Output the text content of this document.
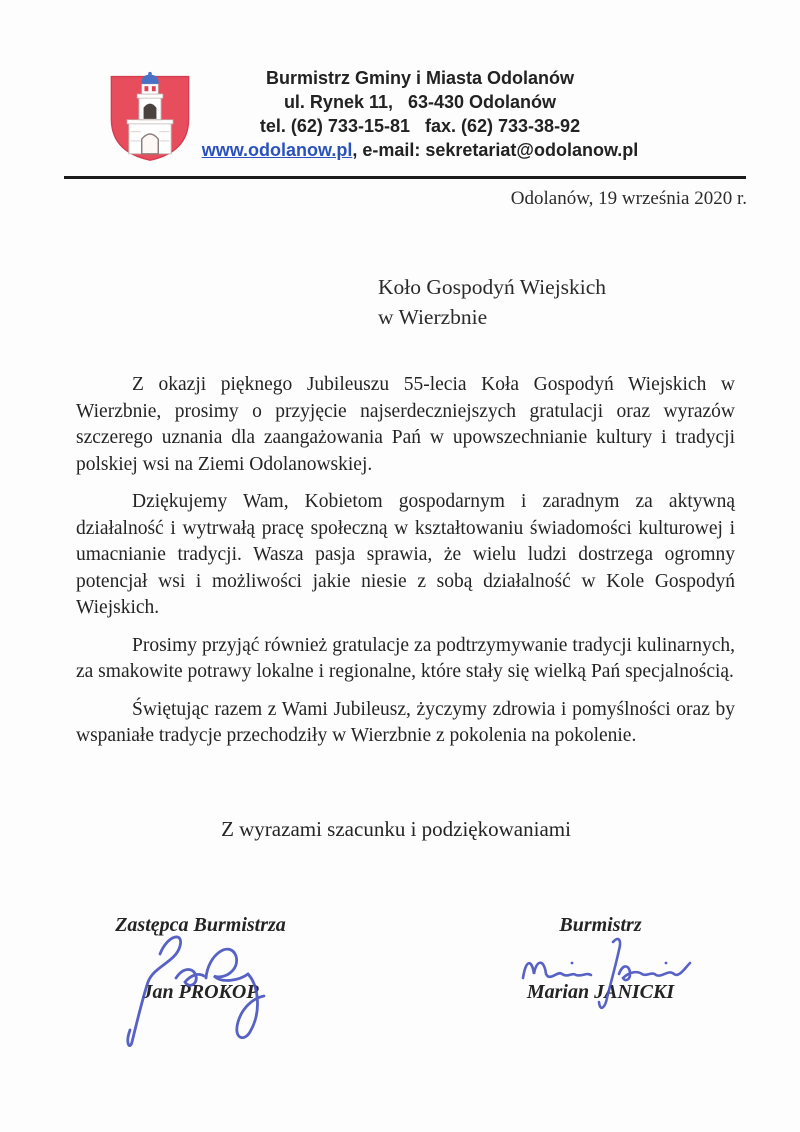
Burmistrz Gminy i Miasta Odolanów
ul. Rynek 11,   63-430 Odolanów
tel. (62) 733-15-81   fax. (62) 733-38-92
www.odolanow.pl, e-mail: sekretariat@odolanow.pl
Odolanów, 19 września 2020 r.
Koło Gospodyń Wiejskich
w Wierzbnie

Z okazji pięknego Jubileuszu 55-lecia Koła Gospodyń Wiejskich w Wierzbnie, prosimy o przyjęcie najserdeczniejszych gratulacji oraz wyrazów szczerego uznania dla zaangażowania Pań w upowszechnianie kultury i tradycji polskiej wsi na Ziemi Odolanowskiej.

Dziękujemy Wam, Kobietom gospodarnym i zaradnym za aktywną działalność i wytrwałą pracę społeczną w kształtowaniu świadomości kulturowej i umacnianie tradycji. Wasza pasja sprawia, że wielu ludzi dostrzega ogromny potencjał wsi i możliwości jakie niesie z sobą działalność w Kole Gospodyń Wiejskich.

Prosimy przyjąć również gratulacje za podtrzymywanie tradycji kulinarnych, za smakowite potrawy lokalne i regionalne, które stały się wielką Pań specjalnością.

Świętując razem z Wami Jubileusz, życzymy zdrowia i pomyślności oraz by wspaniałe tradycje przechodziły w Wierzbnie z pokolenia na pokolenie.

Z wyrazami szacunku i podziękowaniami
Zastępca Burmistrza
Jan PROKOP
Burmistrz
Marian JANICKI
